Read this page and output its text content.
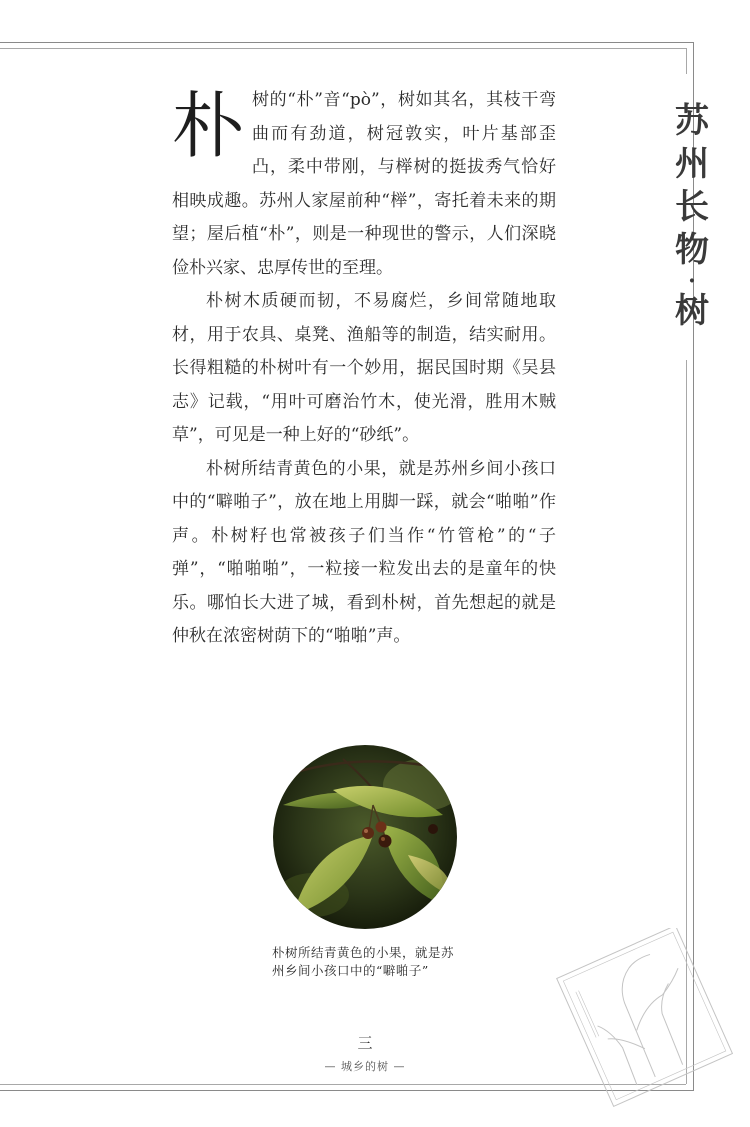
苏
州
长
物
·
树

朴树的“朴”音“pò”，树如其名，其枝干弯曲而有劲道，树冠敦实，叶片基部歪凸，柔中带刚，与榉树的挺拔秀气恰好相映成趣。苏州人家屋前种“榉”，寄托着未来的期望；屋后植“朴”，则是一种现世的警示，人们深晓俭朴兴家、忠厚传世的至理。

朴树木质硬而韧，不易腐烂，乡间常随地取材，用于农具、桌凳、渔船等的制造，结实耐用。长得粗糙的朴树叶有一个妙用，据民国时期《吴县志》记载，“用叶可磨治竹木，使光滑，胜用木贼草”，可见是一种上好的“砂纸”。

朴树所结青黄色的小果，就是苏州乡间小孩口中的“噼啪子”，放在地上用脚一踩，就会“啪啪”作声。朴树籽也常被孩子们当作“竹管枪”的“子弹”，“啪啪啪”，一粒接一粒发出去的是童年的快乐。哪怕长大进了城，看到朴树，首先想起的就是仲秋在浓密树荫下的“啪啪”声。

朴树所结青黄色的小果，就是苏州乡间小孩口中的“噼啪子”
三
— 城乡的树 —
